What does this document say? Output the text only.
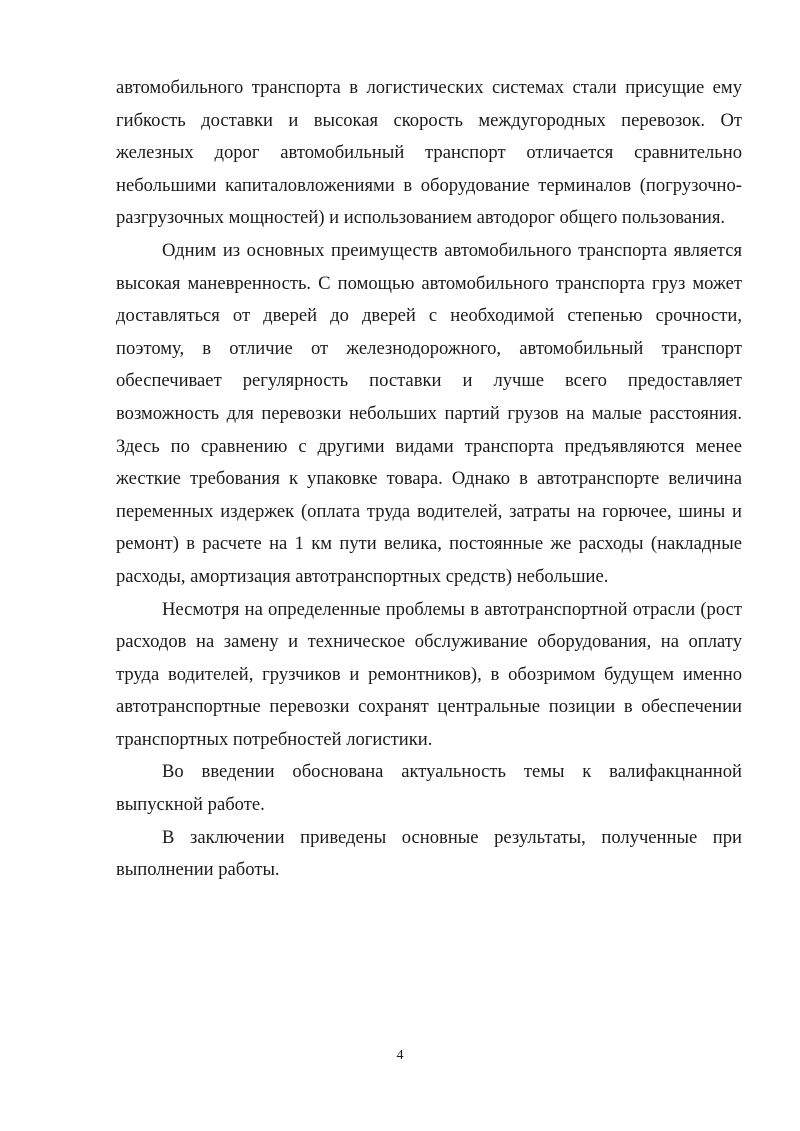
автомобильного транспорта в логистических системах стали присущие ему гибкость доставки и высокая скорость междугородных перевозок. От железных дорог автомобильный транспорт отличается сравнительно небольшими капиталовложениями в оборудование терминалов (погрузочно-разгрузочных мощностей) и использованием автодорог общего пользования.

Одним из основных преимуществ автомобильного транспорта является высокая маневренность. С помощью автомобильного транспорта груз может доставляться от дверей до дверей с необходимой степенью срочности, поэтому, в отличие от железнодорожного, автомобильный транспорт обеспечивает регулярность поставки и лучше всего предоставляет возможность для перевозки небольших партий грузов на малые расстояния. Здесь по сравнению с другими видами транспорта предъявляются менее жесткие требования к упаковке товара. Однако в автотранспорте величина переменных издержек (оплата труда водителей, затраты на горючее, шины и ремонт) в расчете на 1 км пути велика, постоянные же расходы (накладные расходы, амортизация автотранспортных средств) небольшие.

Несмотря на определенные проблемы в автотранспортной отрасли (рост расходов на замену и техническое обслуживание оборудования, на оплату труда водителей, грузчиков и ремонтников), в обозримом будущем именно автотранспортные перевозки сохранят центральные позиции в обеспечении транспортных потребностей логистики.

Во введении обоснована актуальность темы к валифакцнанной выпускной работе.

В заключении приведены основные результаты, полученные при выполнении работы.

4
